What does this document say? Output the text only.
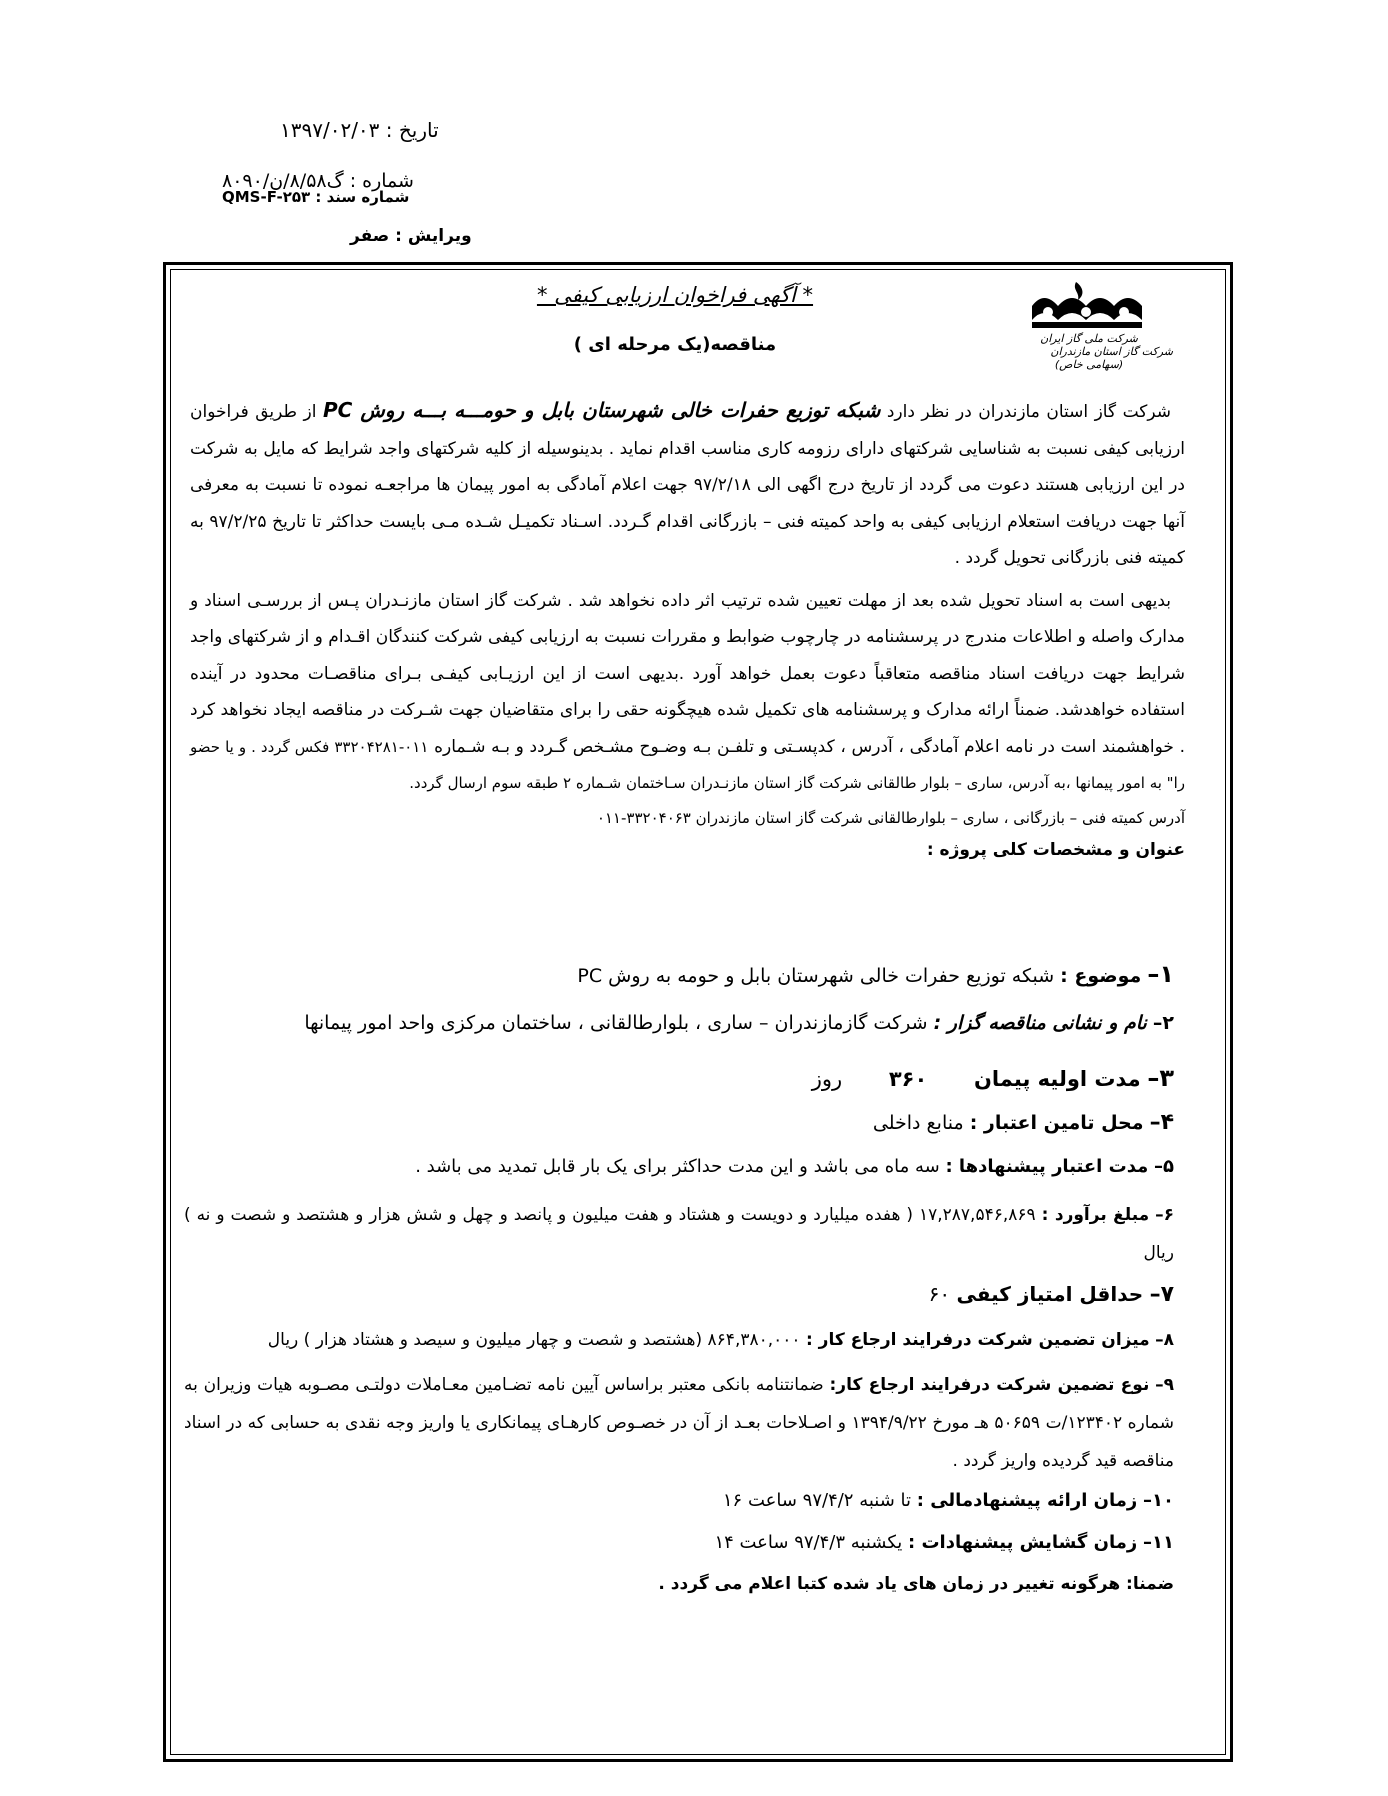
تاریخ : ۱۳۹۷/۰۲/۰۳
شماره : گ۸/۵۸/ن/۸۰۹۰
شماره سند : QMS-F-۲۵۳
ویرایش : صفر
شرکت ملی گاز ایران
شرکت گاز استان مازندران
(سهامی خاص)
* آگهی فراخوان ارزیابی کیفی *
مناقصه(یک مرحله ای )

شرکت گاز استان مازندران در نظر دارد شبکه توزیع حفرات خالی شهرستان بابل و حومـــه بـــه روش PC از طریق فراخوان ارزیابی کیفی نسبت به شناسایی شرکتهای دارای رزومه کاری مناسب اقدام نماید . بدینوسیله از کلیه شرکتهای واجد شرایط که مایل به شرکت در این ارزیابی هستند دعوت می گردد از تاریخ درج اگهی الی ۹۷/۲/۱۸ جهت اعلام آمادگی به امور پیمان ها مراجعـه نموده تا نسبت به معرفی آنها جهت دریافت استعلام ارزیابی کیفی به واحد کمیته فنی – بازرگانی اقدام گـردد. اسـناد تکمیـل شـده مـی بایست حداکثر تا تاریخ ۹۷/۲/۲۵ به کمیته فنی بازرگانی تحویل گردد .

بدیهی است به اسناد تحویل شده بعد از مهلت تعیین شده ترتیب اثر داده نخواهد شد . شرکت گاز استان مازنـدران پـس از بررسـی اسناد و مدارک واصله و اطلاعات مندرج در پرسشنامه در چارچوب ضوابط و مقررات نسبت به ارزیابی کیفی شرکت کنندگان اقـدام و از شرکتهای واجد شرایط جهت دریافت اسناد مناقصه متعاقباً دعوت بعمل خواهد آورد .بدیهی است از این ارزیـابی کیفـی بـرای مناقصـات محدود در آینده استفاده خواهدشد. ضمناً ارائه مدارک و پرسشنامه های تکمیل شده هیچگونه حقی را برای متقاضیان جهت شـرکت در مناقصه ایجاد نخواهد کرد . خواهشمند است در نامه اعلام آمادگی ، آدرس ، کدپسـتی و تلفـن بـه وضـوح مشـخص گـردد و بـه شـماره ۰۱۱-۳۳۲۰۴۲۸۱ فکس گردد . و یا حضو را" به امور پیمانها ،به آدرس، ساری – بلوار طالقانی شرکت گاز استان مازنـدران سـاختمان شـماره ۲ طبقه سوم ارسال گردد.

آدرس کمیته فنی – بازرگانی ، ساری – بلوارطالقانی شرکت گاز استان مازندران ۳۳۲۰۴۰۶۳-۰۱۱

عنوان و مشخصات کلی پروژه :

۱– موضوع : شبکه توزیع حفرات خالی شهرستان بابل و حومه به روش PC
۲– نام و نشانی مناقصه گزار : شرکت گازمازندران – ساری ، بلوارطالقانی ، ساختمان مرکزی واحد امور پیمانها
۳– مدت اولیه پیمان ۳۶۰ روز
۴– محل تامین اعتبار : منابع داخلی
۵– مدت اعتبار پیشنهادها : سه ماه می باشد و این مدت حداکثر برای یک بار قابل تمدید می باشد .
۶– مبلغ برآورد : ۱۷,۲۸۷,۵۴۶,۸۶۹ ( هفده میلیارد و دویست و هشتاد و هفت میلیون و پانصد و چهل و شش هزار و هشتصد و شصت و نه ) ریال
۷– حداقل امتیاز کیفی ۶۰
۸– میزان تضمین شرکت درفرایند ارجاع کار : ۸۶۴,۳۸۰,۰۰۰ (هشتصد و شصت و چهار میلیون و سیصد و هشتاد هزار ) ریال
۹– نوع تضمین شرکت درفرایند ارجاع کار: ضمانتنامه بانکی معتبر براساس آیین نامه تضـامین معـاملات دولتـی مصـوبه هیات وزیران به شماره ۱۲۳۴۰۲/ت ۵۰۶۵۹ هـ مورخ ۱۳۹۴/۹/۲۲ و اصـلاحات بعـد از آن در خصـوص کارهـای پیمانکاری یا واریز وجه نقدی به حسابی که در اسناد مناقصه قید گردیده واریز گردد .
۱۰– زمان ارائه پیشنهادمالی : تا شنبه ۹۷/۴/۲ ساعت ۱۶
۱۱– زمان گشایش پیشنهادات : یکشنبه ۹۷/۴/۳ ساعت ۱۴
ضمنا: هرگونه تغییر در زمان های یاد شده کتبا اعلام می گردد .
